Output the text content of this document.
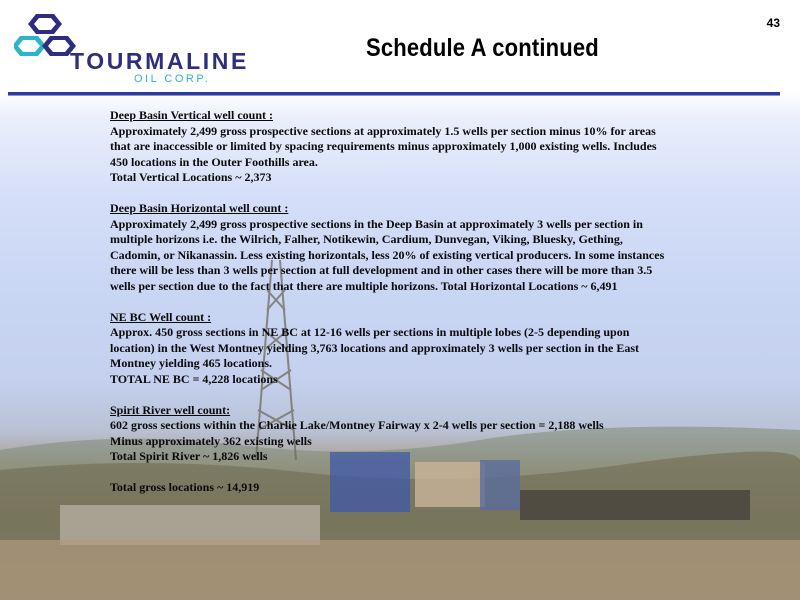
TOURMALINE
OIL CORP.
43
Schedule A continued
Deep Basin Vertical well count :
Approximately 2,499 gross prospective sections at approximately 1.5 wells per section minus 10% for areas
that are inaccessible or limited by spacing requirements minus approximately 1,000 existing wells. Includes
450 locations in the Outer Foothills area.
Total Vertical Locations ~ 2,373
Deep Basin Horizontal well count :
Approximately 2,499 gross prospective sections in the Deep Basin at approximately 3 wells per section in
multiple horizons i.e. the Wilrich, Falher, Notikewin, Cardium, Dunvegan, Viking, Bluesky, Gething,
Cadomin, or Nikanassin. Less existing horizontals, less 20% of existing vertical producers. In some instances
there will be less than 3 wells per section at full development and in other cases there will be more than 3.5
wells per section due to the fact that there are multiple horizons. Total Horizontal Locations ~ 6,491
NE BC Well count :
Approx. 450 gross sections in NE BC at 12-16 wells per sections in multiple lobes (2-5 depending upon
location) in the West Montney yielding 3,763 locations and approximately 3 wells per section in the East
Montney yielding 465 locations.
TOTAL NE BC = 4,228 locations
Spirit River well count:
602 gross sections within the Charlie Lake/Montney Fairway x 2-4 wells per section = 2,188 wells
Minus approximately 362 existing wells
Total Spirit River ~ 1,826 wells
Total gross locations ~ 14,919
